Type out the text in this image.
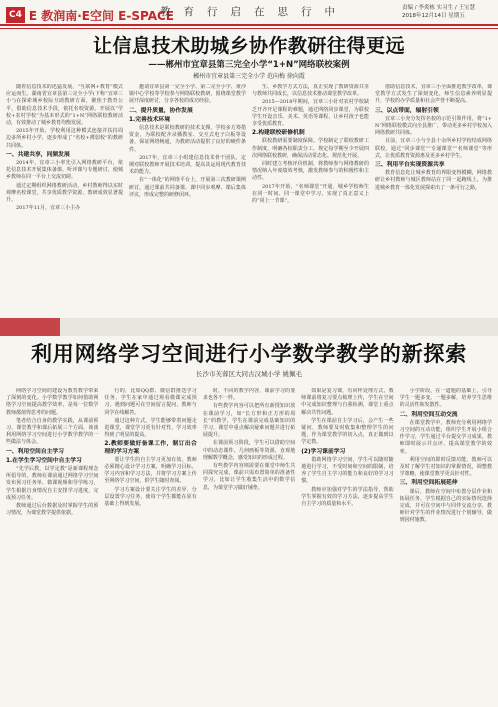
C4 E 教润南·E空间 E-SPACE
教育行启在思行中	责编 / 李炎栋 实习生 / 王宝慧
2018年12月14日 星期五
让信息技术助城乡协作教研往得更远
——郴州市宜章县第三完全小学“1+N”网络联校案例
郴州市宜章县第三完全小学 范向梅 徐向霞

随着信息技术的迅猛发展，“互联网+教育”模式应运而生。湖南省宜章县第三完全小学(下称“宜章三小”)在探索城乡校际互助教研方面，聚焦于教育公平，借助信息技术手段，依托名校资源，开展以“学校+农村学校”为基本形式的“1+N”网络联校教研活动，有效推动了城乡教育均衡发展。

2015年开始，学校利用这种模式连接并扶持周边多所乡村小学，逐步形成了“名校+薄弱校”的教研共同体。

一、共建共享，同频发展

2014年，宜章三小率先引入网络教研平台，依托信息技术开展集体备课、听评课与专题研讨，使城乡教师在同一平台上交流切磋。

通过定期组织网络教研活动，乡村教师得以实时观摩名校课堂，共享优质教学资源，教研成效显著提升。

2017年11月，宜章三小主办

邀请宜章县第一完全小学、第二完全小学、黄沙镇中心学校等学校参与网络联校教研，围绕课堂教学展开深度研讨，分享各校的成功经验。

二、提升质量，协作发展
1.完善技术环境

信息技术是联校教研的技术支撑。学校多方筹措资金，为联校配齐录播教室、交互式电子白板等设备，保证网络畅通，为教研活动提供了良好的硬件条件。

2017年，宜章三小组建信息技术骨干团队，定期对联校教师开展技术培训，提高其运用现代教育技术的能力。

在“一体化”的网络平台上，开展第三次教研课例研讨，通过课前共同备课、课中同步观摩、课后集体评议，形成完整的研修闭环。

生、乡教学方式方法，真正实现了教研资源共享与教师共同成长，以信息技术推动课堂教学改革。

2015—2018年期间，宜章三小针对农村学校缺乏开齐开足课程的难题，通过网络同步课堂，为联校学生开设音乐、美术、英语等课程，让乡村孩子也能享受优质教育。

2.构建联校研修机制

联校教研需要制度保障。学校制定了联校教研工作制度，明确各校职责分工，规定每学期至少开展四次网络联校教研，确保活动常态化、规范化开展。

同时建立考核评价机制，将教师参与网络教研的情况纳入年度绩效考核，激发教师参与的积极性和主动性。

2017年开始，“名师课堂”开通，城乡学校师生在同一时间、同一课堂中学习，实现了真正意义上的“同上一节课”。

借助信息技术，宜章三小全面推进教学改革，课堂教学方式发生了深刻变化，师生信息素养明显提升，学校的办学质量和社会声誉不断提高。

三、以点带面，辐射引领

宜章三小充分发挥名校的示范引领作用，将“1+N”网络联校模式向全县推广，带动更多乡村学校加入网络教研共同体。

目前，宜章三小与全县十余所乡村学校结成网络联校，通过“同步课堂”“专递课堂”“名师课堂”等形式，让优质教育资源惠及更多乡村学生。

三、利用平台实现资源共享

教育信息化让城乡教育的界限变得模糊，网络教研让乡村教师与城区教师站在了同一起跑线上，为推进城乡教育一体化发展探索出了一条可行之路。

利用网络学习空间进行小学数学教学的新探索
长沙市芙蓉区大同古汉城小学 姚佩毛

网络学习空间的建设为教育教学带来了深刻的变化。小学数学教学如何借助网络学习空间提高教学效率，是每一位数学教师都值得思考的问题。

笔者结合自身的教学实践，从课前预习、课堂教学和课后拓展三个方面，谈谈利用网络学习空间进行小学数学教学的一些做法与体会。

一、利用空间自主学习
1.在学生学习空间中自主学习

“先学后教，以学定教”是新课程理念所倡导的。教师在课前通过网络学习空间发布预习任务单、微课视频和导学练习，学生根据自身情况自主安排学习进度，完成预习任务。

教师通过后台数据及时掌握学生的预习情况，为课堂教学提供依据。

行的，比如QQ群、微信群推送学习任务，学生在家中通过观看微课完成预习，遇到问题可在空间留言提问，教师与同学在线解答。

通过这种方式，学生能够带着问题走进课堂，课堂学习更有针对性，学习效率得到了明显的提高。

2.教师要做好备课工作，制订出合理的学习方案

要让学生的自主学习更加有效，教师必须精心设计学习方案，明确学习目标、学习内容和学习方法，并将学习方案上传至网络学习空间，供学生随时查阅。

学习方案设计要关注学生的差异，分层设置学习任务，使每个学生都能在原有基础上得到发展。

时，不同的教学内容，课前学习的要求也各不一样。

有些教学内容可以把所有新授知识放在课前学习，如“长方形和正方形的周长”的教学，学生在课前完成基础知识的学习，课堂中重点解决疑难问题并进行拓展提升。

在课前预习阶段，学生可以借助空间中的动态课件、几何画板等资源，直观地理解数学概念，感受知识的形成过程。

有些教学内容则需要在课堂中师生共同探究完成，课前只需布置简单的准备性学习，比如让学生收集生活中的数学信息，为课堂学习做好铺垫。

如果是复习课，有同样处理方式，教师课前将复习要点梳理上传，学生在空间中完成知识整理与自我检测，课堂上重点解决共性问题。

学生在课前自主学习后，会产生一些疑问，教师要及时收集和整理学生的问题，作为课堂教学的切入点，真正做到以学定教。

(2)学习课前学习

借助网络学习空间，学生可以随时随地进行学习，不受时间和空间的限制，培养了学生自主学习的能力和良好的学习习惯。

教师应加强对学生的学法指导，帮助学生掌握有效的学习方法，逐步提高学生自主学习的质量和水平。

小学阶段，在一道题的基础上，引导学生一题多变、一题多解，培养学生思维的灵活性和发散性。

二、利用空间互动交流

在课堂教学中，教师充分利用网络学习空间的互动功能，组织学生开展小组合作学习，学生通过平台提交学习成果，教师即时展示并点评，提高课堂教学的效率。

利用空间的即时反馈功能，教师可以及时了解学生对知识的掌握情况，调整教学策略，使课堂教学更具针对性。

三、利用空间拓展延伸

课后，教师在空间中布置分层作业和拓展任务，学生根据自己的实际情况选择完成，并可在空间中与同伴交流分享，教师针对学生的作业情况进行个别辅导，做到因材施教。
